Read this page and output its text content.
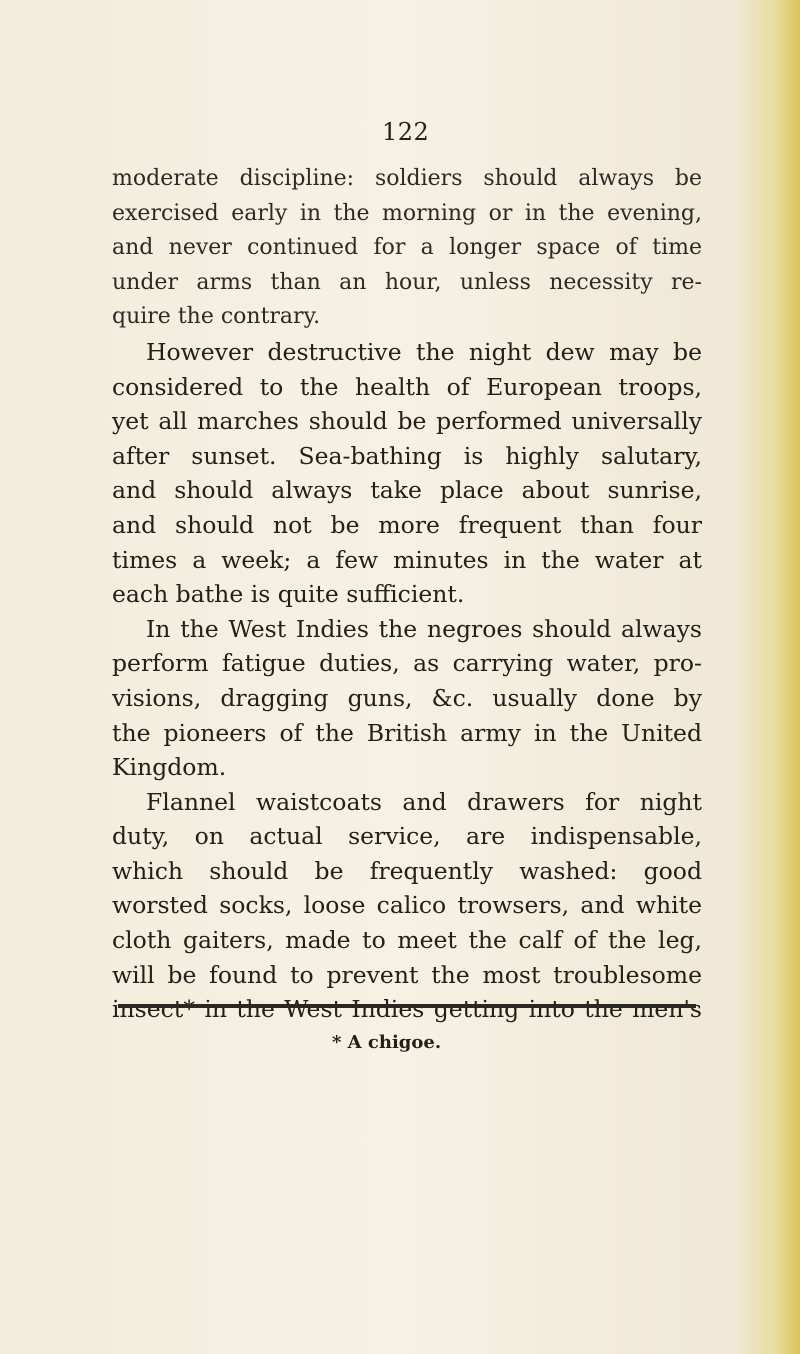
122
moderate discipline: soldiers should always be
exercised early in the morning or in the evening,
and never continued for a longer space of time
under arms than an hour, unless necessity re-
quire the contrary.
However destructive the night dew may be
considered to the health of European troops,
yet all marches should be performed universally
after sunset. Sea-bathing is highly salutary,
and should always take place about sunrise,
and should not be more frequent than four
times a week; a few minutes in the water at
each bathe is quite sufficient.
In the West Indies the negroes should always
perform fatigue duties, as carrying water, pro-
visions, dragging guns, &c. usually done by
the pioneers of the British army in the United
Kingdom.
Flannel waistcoats and drawers for night
duty, on actual service, are indispensable,
which should be frequently washed: good
worsted socks, loose calico trowsers, and white
cloth gaiters, made to meet the calf of the leg,
will be found to prevent the most troublesome
insect* in the West Indies getting into the men's
* A chigoe.
